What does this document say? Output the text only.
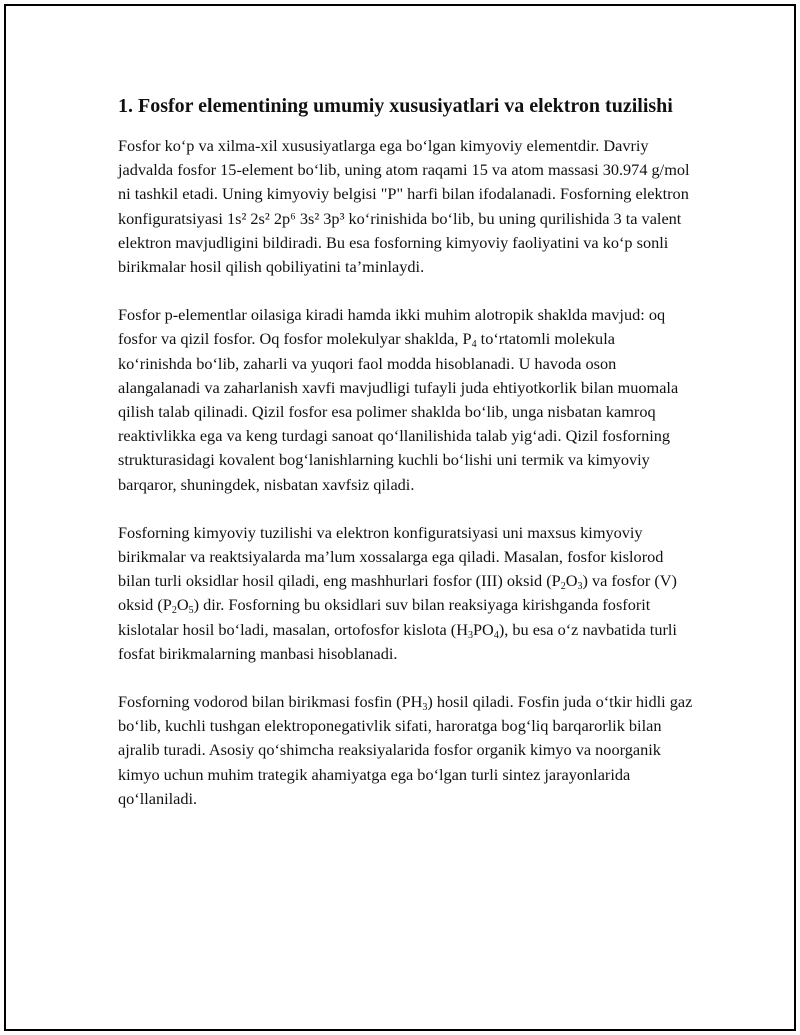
1. Fosfor elementining umumiy xususiyatlari va elektron tuzilishi

Fosfor koʻp va xilma-xil xususiyatlarga ega boʻlgan kimyoviy elementdir. Davriy jadvalda fosfor 15-element boʻlib, uning atom raqami 15 va atom massasi 30.974 g/mol ni tashkil etadi. Uning kimyoviy belgisi "P" harfi bilan ifodalanadi. Fosforning elektron konfiguratsiyasi 1s² 2s² 2p⁶ 3s² 3p³ koʻrinishida boʻlib, bu uning qurilishida 3 ta valent elektron mavjudligini bildiradi. Bu esa fosforning kimyoviy faoliyatini va koʻp sonli birikmalar hosil qilish qobiliyatini taʼminlaydi.

Fosfor p-elementlar oilasiga kiradi hamda ikki muhim alotropik shaklda mavjud: oq fosfor va qizil fosfor. Oq fosfor molekulyar shaklda, $P_4$ toʻrtatomli molekula koʻrinishda boʻlib, zaharli va yuqori faol modda hisoblanadi. U havoda oson alangalanadi va zaharlanish xavfi mavjudligi tufayli juda ehtiyotkorlik bilan muomala qilish talab qilinadi. Qizil fosfor esa polimer shaklda boʻlib, unga nisbatan kamroq reaktivlikka ega va keng turdagi sanoat qoʻllanilishida talab yigʻadi. Qizil fosforning strukturasidagi kovalent bogʻlanishlarning kuchli boʻlishi uni termik va kimyoviy barqaror, shuningdek, nisbatan xavfsiz qiladi.

Fosforning kimyoviy tuzilishi va elektron konfiguratsiyasi uni maxsus kimyoviy birikmalar va reaktsiyalarda maʼlum xossalarga ega qiladi. Masalan, fosfor kislorod bilan turli oksidlar hosil qiladi, eng mashhurlari fosfor (III) oksid $(P_2O_3)$ va fosfor (V) oksid $(P_2O_5)$ dir. Fosforning bu oksidlari suv bilan reaksiyaga kirishganda fosforit kislotalar hosil boʻladi, masalan, ortofosfor kislota $(H_3PO_4)$, bu esa oʻz navbatida turli fosfat birikmalarning manbasi hisoblanadi.

Fosforning vodorod bilan birikmasi fosfin $(PH_3)$ hosil qiladi. Fosfin juda oʻtkir hidli gaz boʻlib, kuchli tushgan elektroponegativlik sifati, haroratga bogʻliq barqarorlik bilan ajralib turadi. Asosiy qoʻshimcha reaksiyalarida fosfor organik kimyo va noorganik kimyo uchun muhim trategik ahamiyatga ega boʻlgan turli sintez jarayonlarida qoʻllaniladi.
